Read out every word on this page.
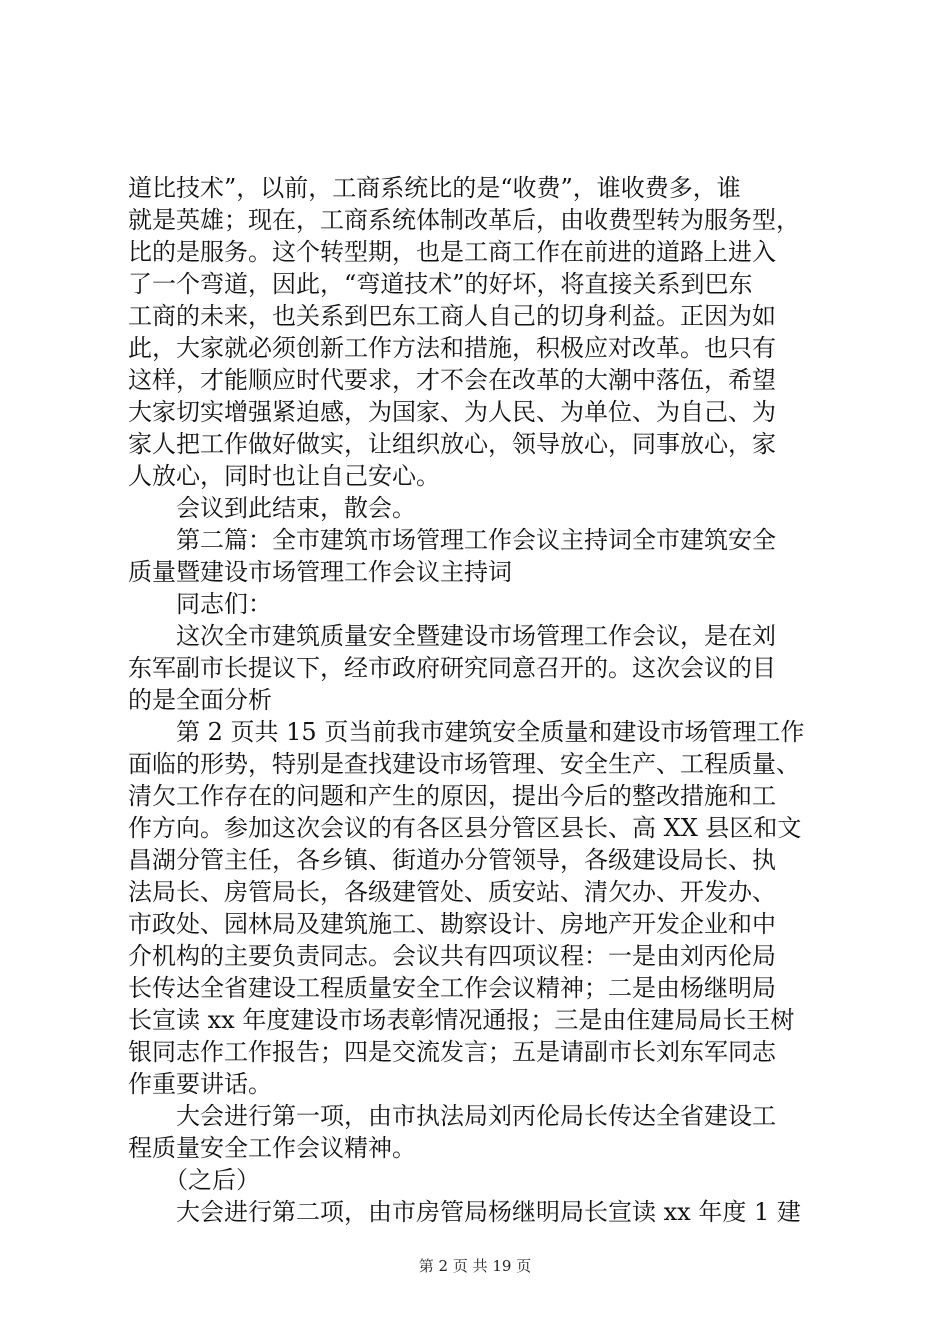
道比技术”，以前，工商系统比的是“收费”，谁收费多，谁
就是英雄；现在，工商系统体制改革后，由收费型转为服务型，
比的是服务。这个转型期，也是工商工作在前进的道路上进入
了一个弯道，因此，“弯道技术”的好坏，将直接关系到巴东
工商的未来，也关系到巴东工商人自己的切身利益。正因为如
此，大家就必须创新工作方法和措施，积极应对改革。也只有
这样，才能顺应时代要求，才不会在改革的大潮中落伍，希望
大家切实增强紧迫感，为国家、为人民、为单位、为自己、为
家人把工作做好做实，让组织放心，领导放心，同事放心，家
人放心，同时也让自己安心。
　　会议到此结束，散会。
　　第二篇：全市建筑市场管理工作会议主持词全市建筑安全
质量暨建设市场管理工作会议主持词
　　同志们：
　　这次全市建筑质量安全暨建设市场管理工作会议，是在刘
东军副市长提议下，经市政府研究同意召开的。这次会议的目
的是全面分析
　　第 2 页共 15 页当前我市建筑安全质量和建设市场管理工作
面临的形势，特别是查找建设市场管理、安全生产、工程质量、
清欠工作存在的问题和产生的原因，提出今后的整改措施和工
作方向。参加这次会议的有各区县分管区县长、高 XX 县区和文
昌湖分管主任，各乡镇、街道办分管领导，各级建设局长、执
法局长、房管局长，各级建管处、质安站、清欠办、开发办、
市政处、园林局及建筑施工、勘察设计、房地产开发企业和中
介机构的主要负责同志。会议共有四项议程：一是由刘丙伦局
长传达全省建设工程质量安全工作会议精神；二是由杨继明局
长宣读 xx 年度建设市场表彰情况通报；三是由住建局局长王树
银同志作工作报告；四是交流发言；五是请副市长刘东军同志
作重要讲话。
　　大会进行第一项，由市执法局刘丙伦局长传达全省建设工
程质量安全工作会议精神。
　　（之后）
　　大会进行第二项，由市房管局杨继明局长宣读 xx 年度 1 建
第 2 页 共 19 页
